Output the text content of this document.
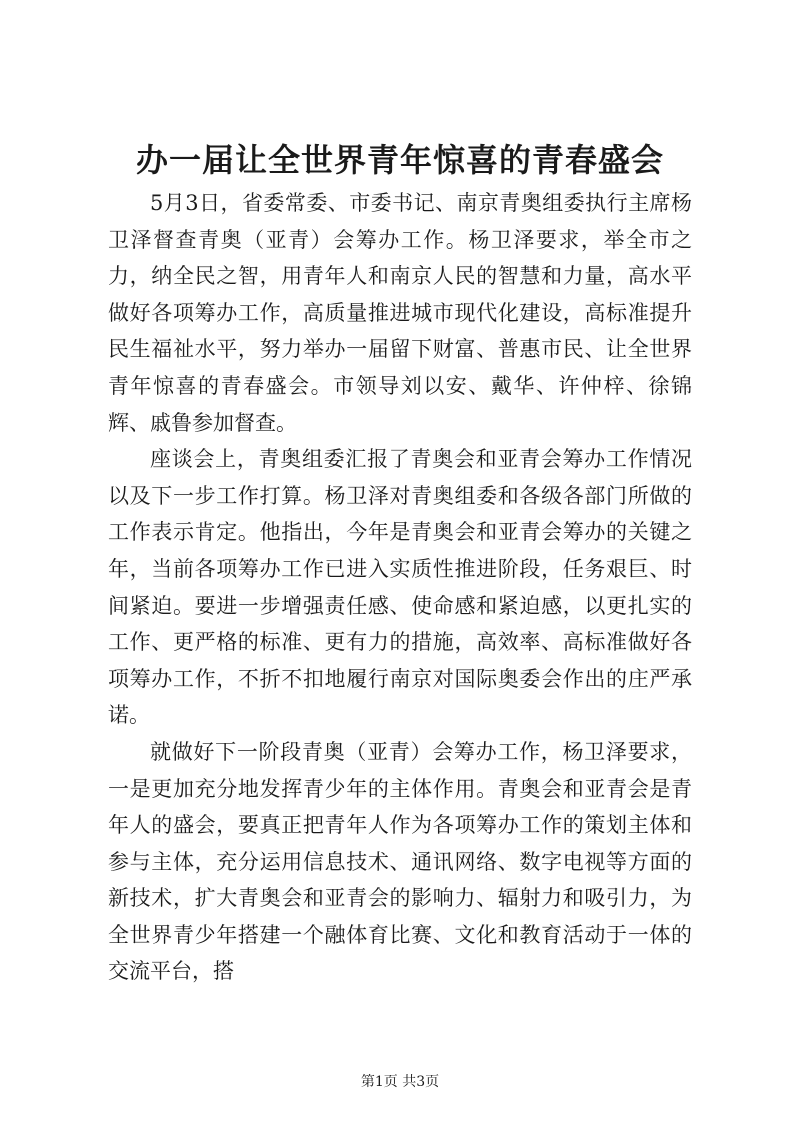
办一届让全世界青年惊喜的青春盛会

5月3日，省委常委、市委书记、南京青奥组委执行主席杨卫泽督查青奥（亚青）会筹办工作。杨卫泽要求，举全市之力，纳全民之智，用青年人和南京人民的智慧和力量，高水平做好各项筹办工作，高质量推进城市现代化建设，高标准提升民生福祉水平，努力举办一届留下财富、普惠市民、让全世界青年惊喜的青春盛会。市领导刘以安、戴华、许仲梓、徐锦辉、戚鲁参加督查。

座谈会上，青奥组委汇报了青奥会和亚青会筹办工作情况以及下一步工作打算。杨卫泽对青奥组委和各级各部门所做的工作表示肯定。他指出，今年是青奥会和亚青会筹办的关键之年，当前各项筹办工作已进入实质性推进阶段，任务艰巨、时间紧迫。要进一步增强责任感、使命感和紧迫感，以更扎实的工作、更严格的标准、更有力的措施，高效率、高标准做好各项筹办工作，不折不扣地履行南京对国际奥委会作出的庄严承诺。

就做好下一阶段青奥（亚青）会筹办工作，杨卫泽要求，一是更加充分地发挥青少年的主体作用。青奥会和亚青会是青年人的盛会，要真正把青年人作为各项筹办工作的策划主体和参与主体，充分运用信息技术、通讯网络、数字电视等方面的新技术，扩大青奥会和亚青会的影响力、辐射力和吸引力，为全世界青少年搭建一个融体育比赛、文化和教育活动于一体的交流平台，搭

第1页 共3页
